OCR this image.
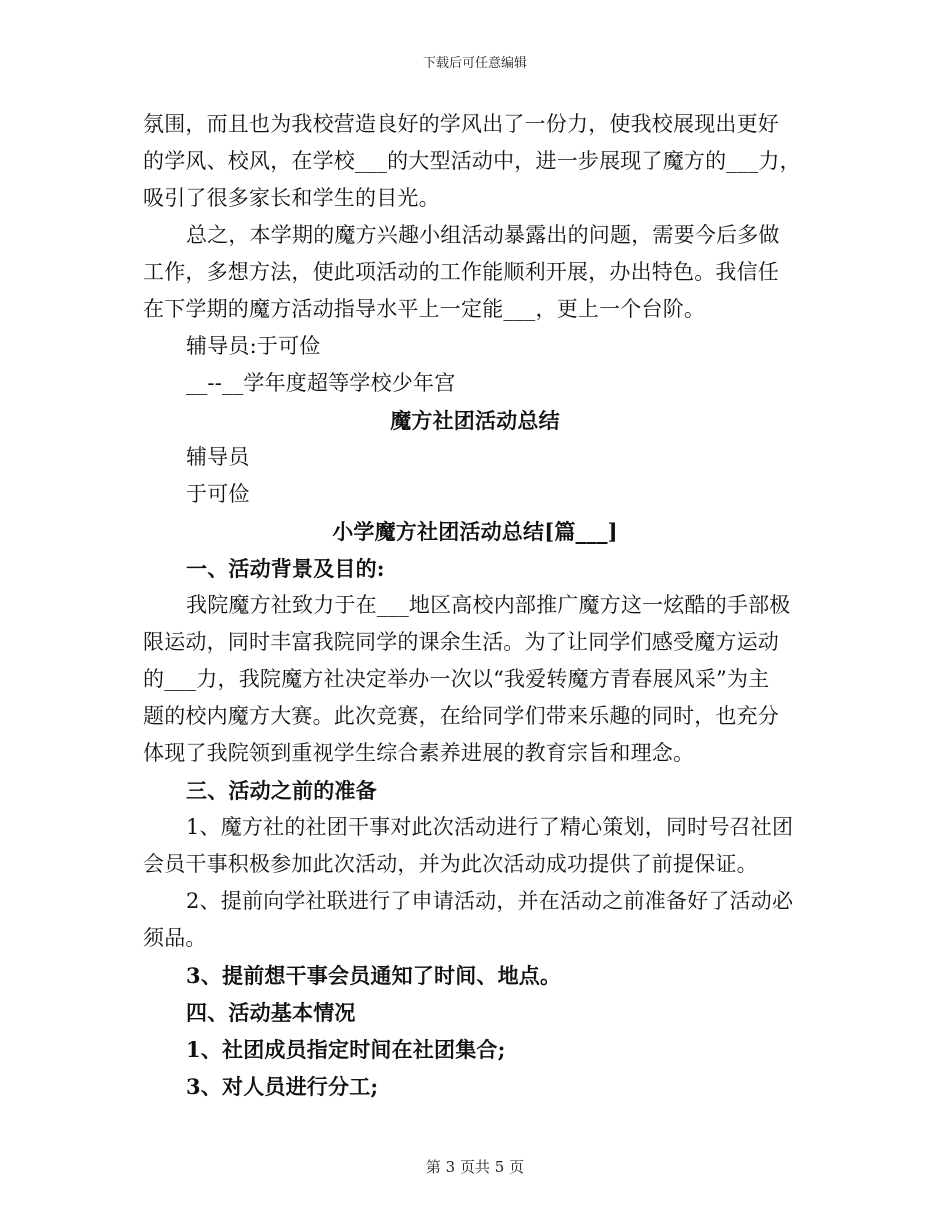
下载后可任意编辑
氛围，而且也为我校营造良好的学风出了一份力，使我校展现出更好
的学风、校风，在学校___的大型活动中，进一步展现了魔方的___力，
吸引了很多家长和学生的目光。
总之，本学期的魔方兴趣小组活动暴露出的问题，需要今后多做
工作，多想方法，使此项活动的工作能顺利开展，办出特色。我信任
在下学期的魔方活动指导水平上一定能___，更上一个台阶。
辅导员:于可俭
__--__学年度超等学校少年宫
魔方社团活动总结
辅导员
于可俭
小学魔方社团活动总结[篇___]
一、活动背景及目的:
我院魔方社致力于在___地区高校内部推广魔方这一炫酷的手部极
限运动，同时丰富我院同学的课余生活。为了让同学们感受魔方运动
的___力，我院魔方社决定举办一次以“我爱转魔方青春展风采”为主
题的校内魔方大赛。此次竞赛，在给同学们带来乐趣的同时，也充分
体现了我院领到重视学生综合素养进展的教育宗旨和理念。
三、活动之前的准备
1、魔方社的社团干事对此次活动进行了精心策划，同时号召社团
会员干事积极参加此次活动，并为此次活动成功提供了前提保证。
2、提前向学社联进行了申请活动，并在活动之前准备好了活动必
须品。
3、提前想干事会员通知了时间、地点。
四、活动基本情况
1、社团成员指定时间在社团集合;
3、对人员进行分工;
第 3 页共 5 页
